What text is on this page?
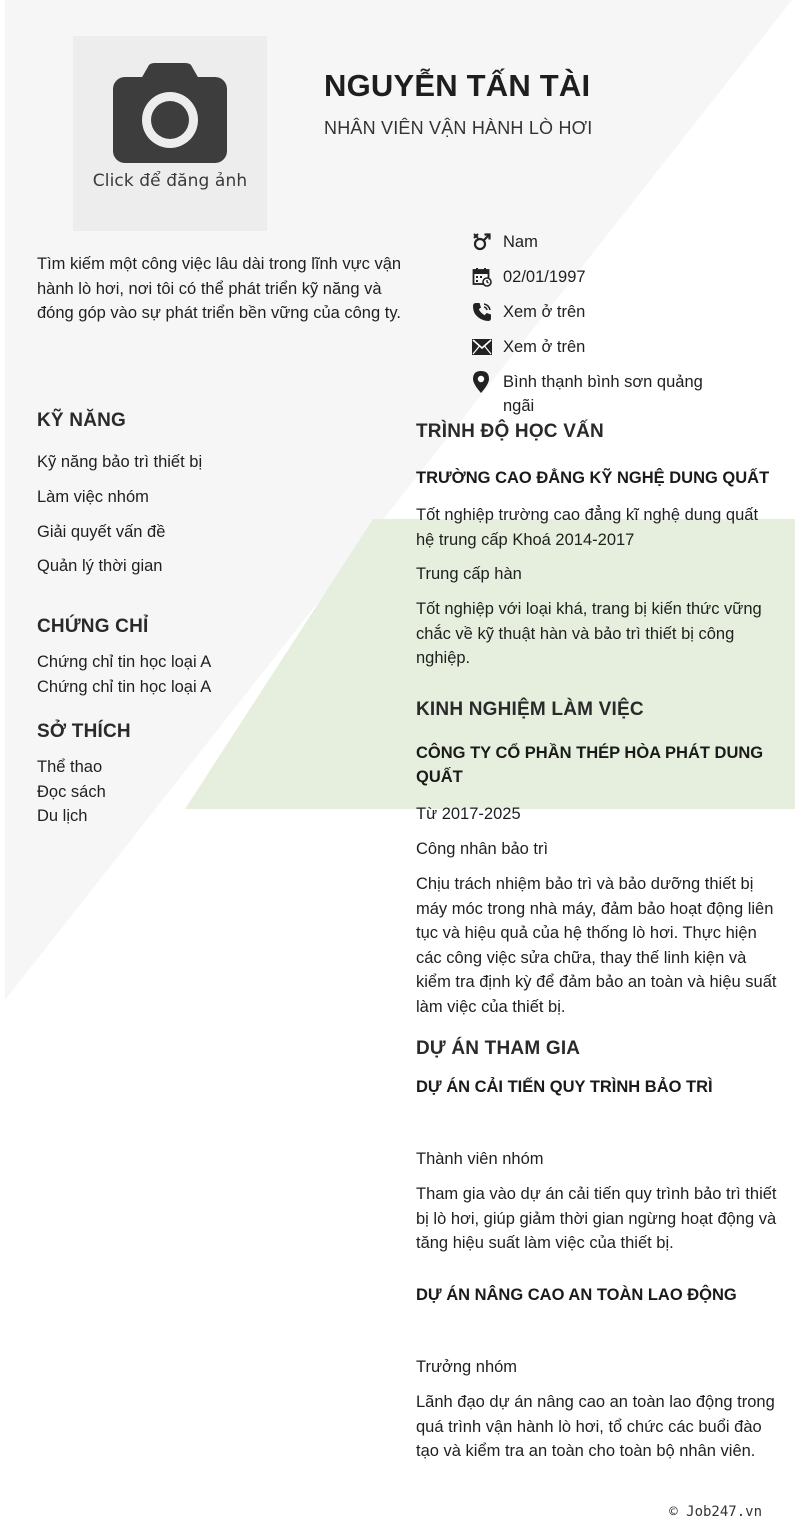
Click để đăng ảnh
NGUYỄN TẤN TÀI
NHÂN VIÊN VẬN HÀNH LÒ HƠI
Tìm kiếm một công việc lâu dài trong lĩnh vực vận hành lò hơi, nơi tôi có thể phát triển kỹ năng và đóng góp vào sự phát triển bền vững của công ty.
Nam
02/01/1997
Xem ở trên
Xem ở trên
Bình thạnh bình sơn quảng ngãi
KỸ NĂNG
Kỹ năng bảo trì thiết bị
Làm việc nhóm
Giải quyết vấn đề
Quản lý thời gian
CHỨNG CHỈ
Chứng chỉ tin học loại A
Chứng chỉ tin học loại A
SỞ THÍCH
Thể thao
Đọc sách
Du lịch
TRÌNH ĐỘ HỌC VẤN
TRƯỜNG CAO ĐẲNG KỸ NGHỆ DUNG QUẤT
Tốt nghiệp trường cao đẳng kĩ nghệ dung quất hệ trung cấp Khoá 2014-2017
Trung cấp hàn
Tốt nghiệp với loại khá, trang bị kiến thức vững chắc về kỹ thuật hàn và bảo trì thiết bị công nghiệp.
KINH NGHIỆM LÀM VIỆC
CÔNG TY CỔ PHẦN THÉP HÒA PHÁT DUNG QUẤT
Từ 2017-2025
Công nhân bảo trì
Chịu trách nhiệm bảo trì và bảo dưỡng thiết bị máy móc trong nhà máy, đảm bảo hoạt động liên tục và hiệu quả của hệ thống lò hơi. Thực hiện các công việc sửa chữa, thay thế linh kiện và kiểm tra định kỳ để đảm bảo an toàn và hiệu suất làm việc của thiết bị.
DỰ ÁN THAM GIA
DỰ ÁN CẢI TIẾN QUY TRÌNH BẢO TRÌ
Thành viên nhóm
Tham gia vào dự án cải tiến quy trình bảo trì thiết bị lò hơi, giúp giảm thời gian ngừng hoạt động và tăng hiệu suất làm việc của thiết bị.
DỰ ÁN NÂNG CAO AN TOÀN LAO ĐỘNG
Trưởng nhóm
Lãnh đạo dự án nâng cao an toàn lao động trong quá trình vận hành lò hơi, tổ chức các buổi đào tạo và kiểm tra an toàn cho toàn bộ nhân viên.
© Job247.vn
